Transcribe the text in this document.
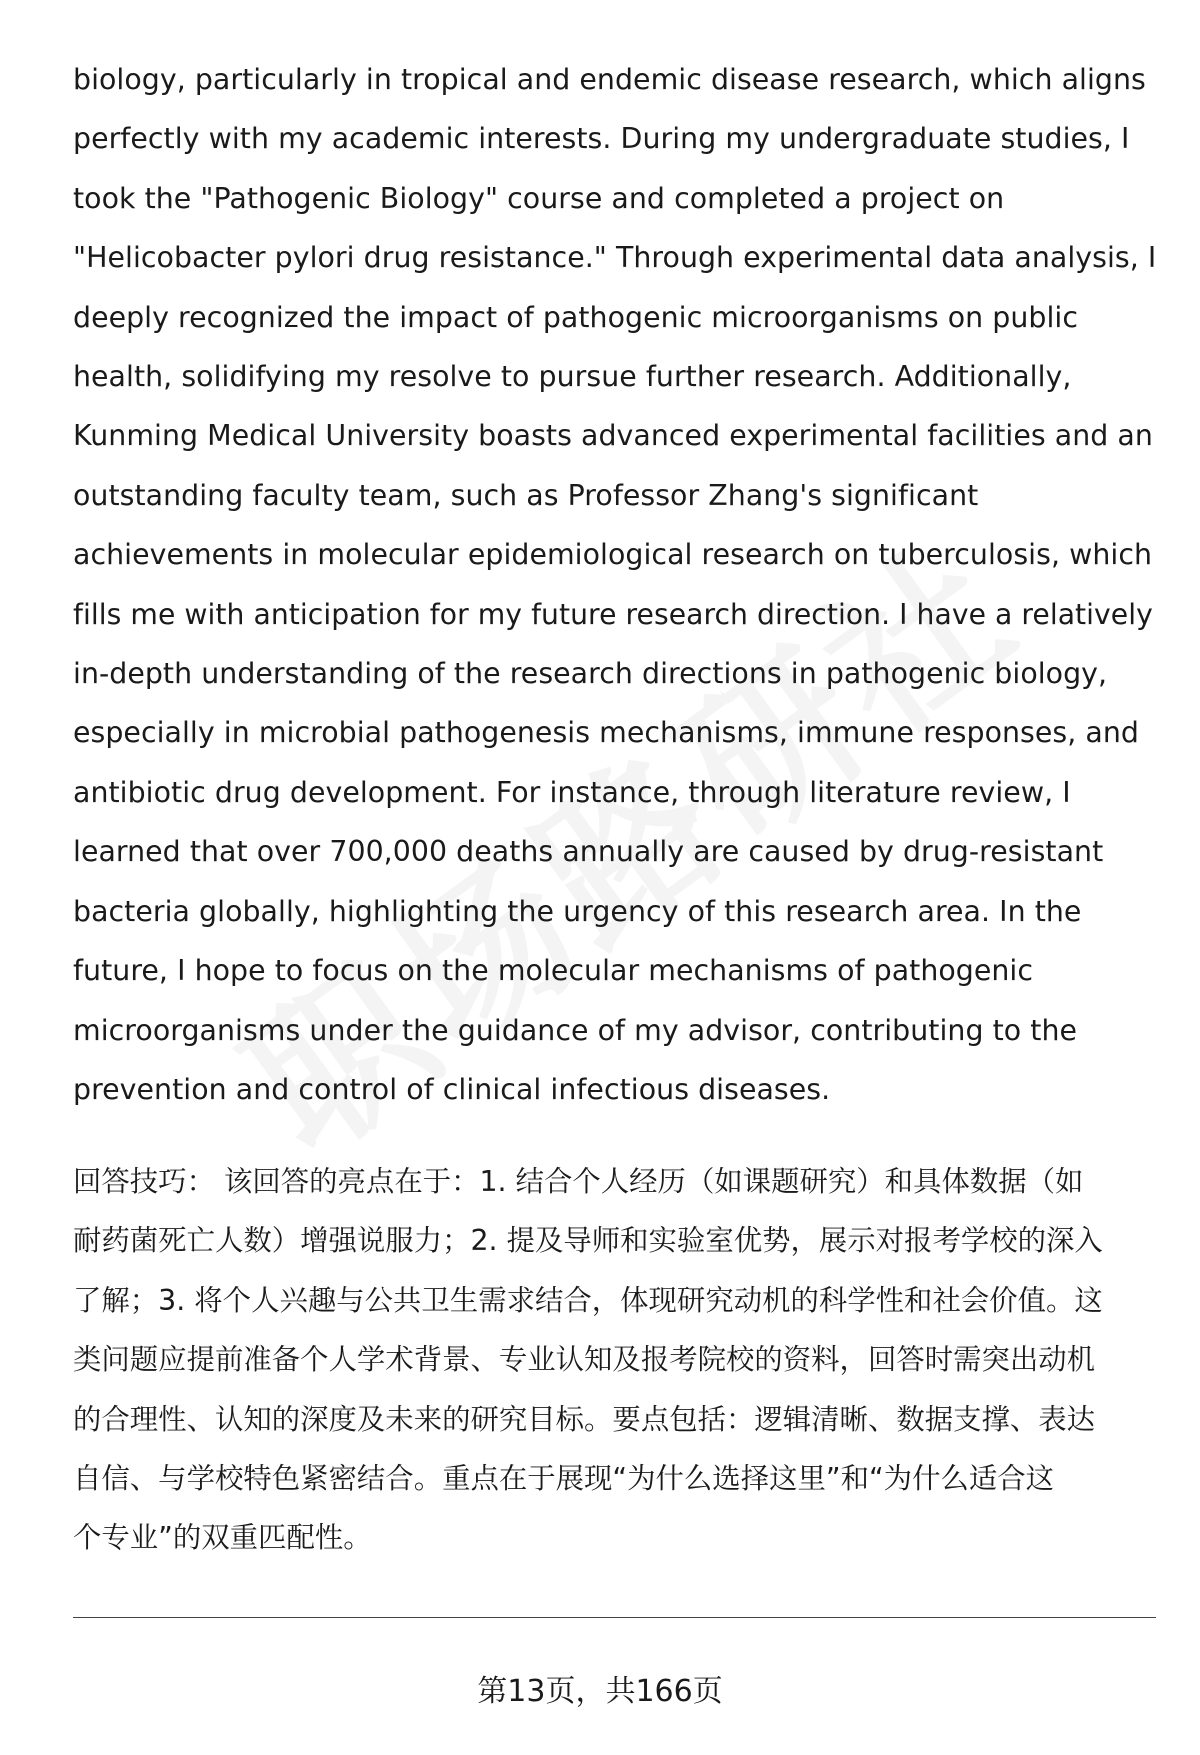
biology, particularly in tropical and endemic disease research, which aligns
perfectly with my academic interests. During my undergraduate studies, I
took the "Pathogenic Biology" course and completed a project on
"Helicobacter pylori drug resistance." Through experimental data analysis, I
deeply recognized the impact of pathogenic microorganisms on public
health, solidifying my resolve to pursue further research. Additionally,
Kunming Medical University boasts advanced experimental facilities and an
outstanding faculty team, such as Professor Zhang's significant
achievements in molecular epidemiological research on tuberculosis, which
fills me with anticipation for my future research direction. I have a relatively
in-depth understanding of the research directions in pathogenic biology,
especially in microbial pathogenesis mechanisms, immune responses, and
antibiotic drug development. For instance, through literature review, I
learned that over 700,000 deaths annually are caused by drug-resistant
bacteria globally, highlighting the urgency of this research area. In the
future, I hope to focus on the molecular mechanisms of pathogenic
microorganisms under the guidance of my advisor, contributing to the
prevention and control of clinical infectious diseases.
回答技巧： 该回答的亮点在于：1. 结合个人经历（如课题研究）和具体数据（如
耐药菌死亡人数）增强说服力；2. 提及导师和实验室优势，展示对报考学校的深入
了解；3. 将个人兴趣与公共卫生需求结合，体现研究动机的科学性和社会价值。这
类问题应提前准备个人学术背景、专业认知及报考院校的资料，回答时需突出动机
的合理性、认知的深度及未来的研究目标。要点包括：逻辑清晰、数据支撑、表达
自信、与学校特色紧密结合。重点在于展现“为什么选择这里”和“为什么适合这
个专业”的双重匹配性。
第13页，共166页
